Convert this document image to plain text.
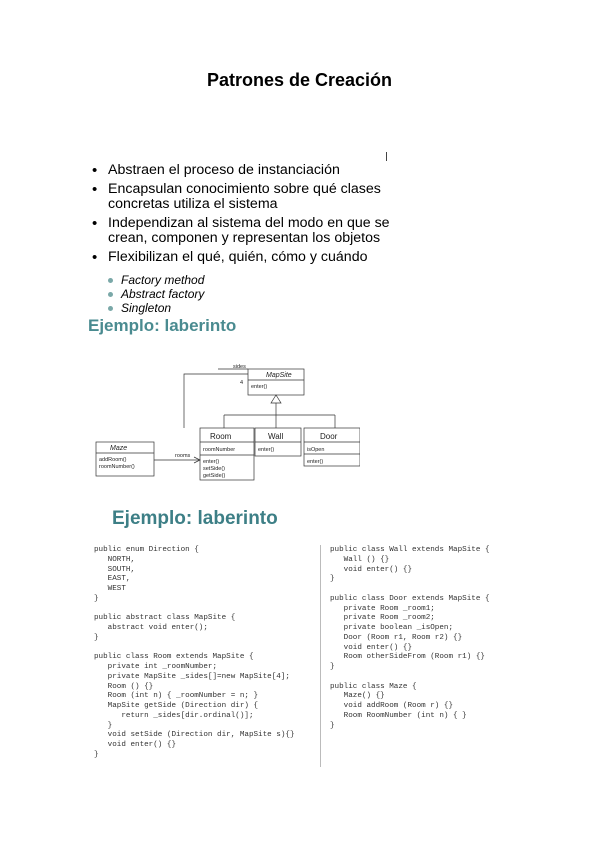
Patrones de Creación
• Abstraen el proceso de instanciación
• Encapsulan conocimiento sobre qué clases concretas utiliza el sistema
• Independizan al sistema del modo en que se crean, componen y representan los objetos
• Flexibilizan el qué, quién, cómo y cuándo
Factory method
Abstract factory
Singleton
Ejemplo: laberinto
MapSite
enter()
sides
4
rooms
Maze
addRoom()
roomNumber()
Room
roomNumber
enter()
setSide()
getSide()
Wall
enter()
Door
isOpen
enter()
Ejemplo: laberinto
public enum Direction {
NORTH,
SOUTH,
EAST,
WEST
}
public abstract class MapSite {
abstract void enter();
}
public class Room extends MapSite {
private int _roomNumber;
private MapSite _sides[]=new MapSite[4];
Room () {}
Room (int n) { _roomNumber = n; }
MapSite getSide (Direction dir) {
return _sides[dir.ordinal()];
}
void setSide (Direction dir, MapSite s){}
void enter() {}
}
public class Wall extends MapSite {
Wall () {}
void enter() {}
}
public class Door extends MapSite {
private Room _room1;
private Room _room2;
private boolean _isOpen;
Door (Room r1, Room r2) {}
void enter() {}
Room otherSideFrom (Room r1) {}
}
public class Maze {
Maze() {}
void addRoom (Room r) {}
Room RoomNumber (int n) { }
}
